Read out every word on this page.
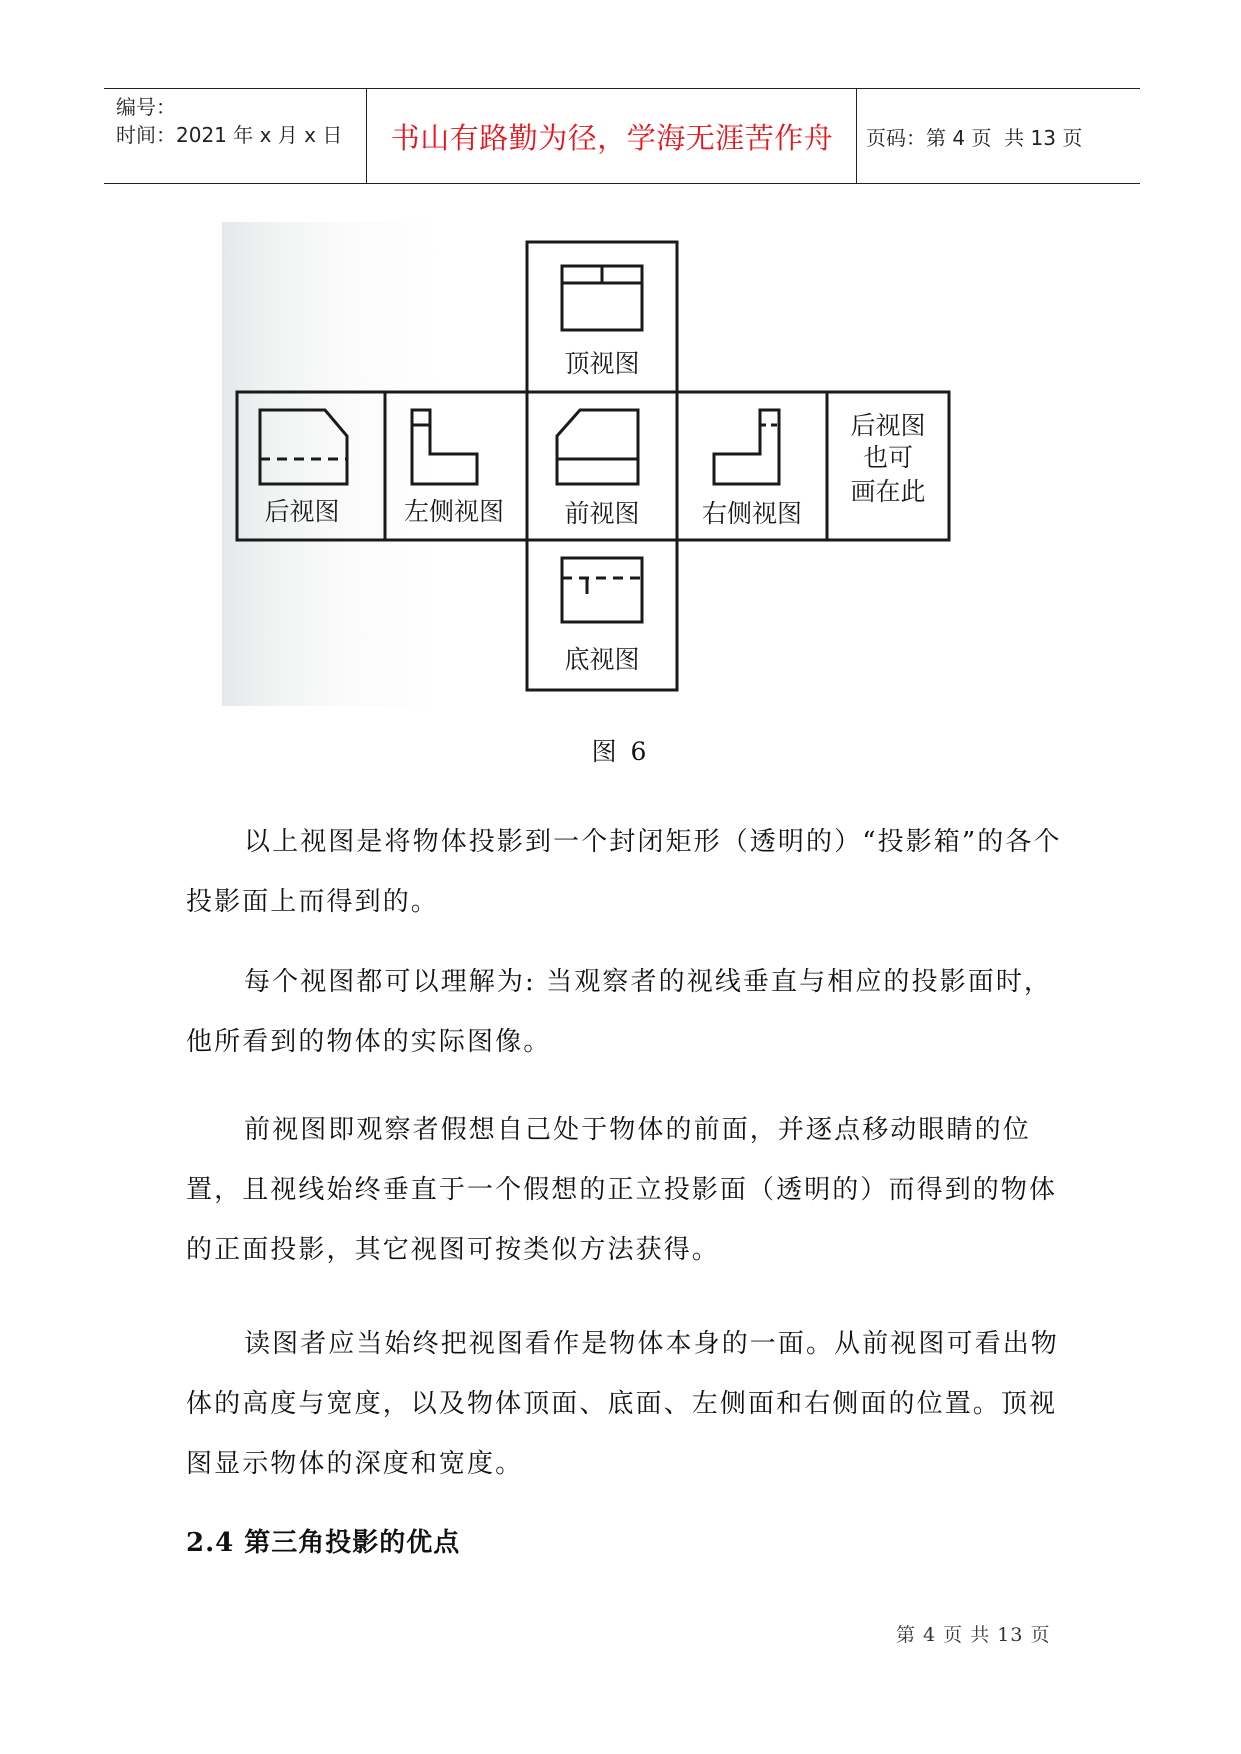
编号：
时间：2021 年 x 月 x 日	书山有路勤为径，学海无涯苦作舟	页码：第 4 页  共 13 页
顶视图
后视图	左侧视图 前视图 右侧视图
后视图
也可
画在此
底视图
图 6

以上视图是将物体投影到一个封闭矩形（透明的）“投影箱”的各个投影面上而得到的。

每个视图都可以理解为: 当观察者的视线垂直与相应的投影面时，他所看到的物体的实际图像。

前视图即观察者假想自己处于物体的前面，并逐点移动眼睛的位置，且视线始终垂直于一个假想的正立投影面（透明的）而得到的物体的正面投影，其它视图可按类似方法获得。

读图者应当始终把视图看作是物体本身的一面。从前视图可看出物体的高度与宽度，以及物体顶面、底面、左侧面和右侧面的位置。顶视图显示物体的深度和宽度。

2.4 第三角投影的优点
第 4 页 共 13 页
